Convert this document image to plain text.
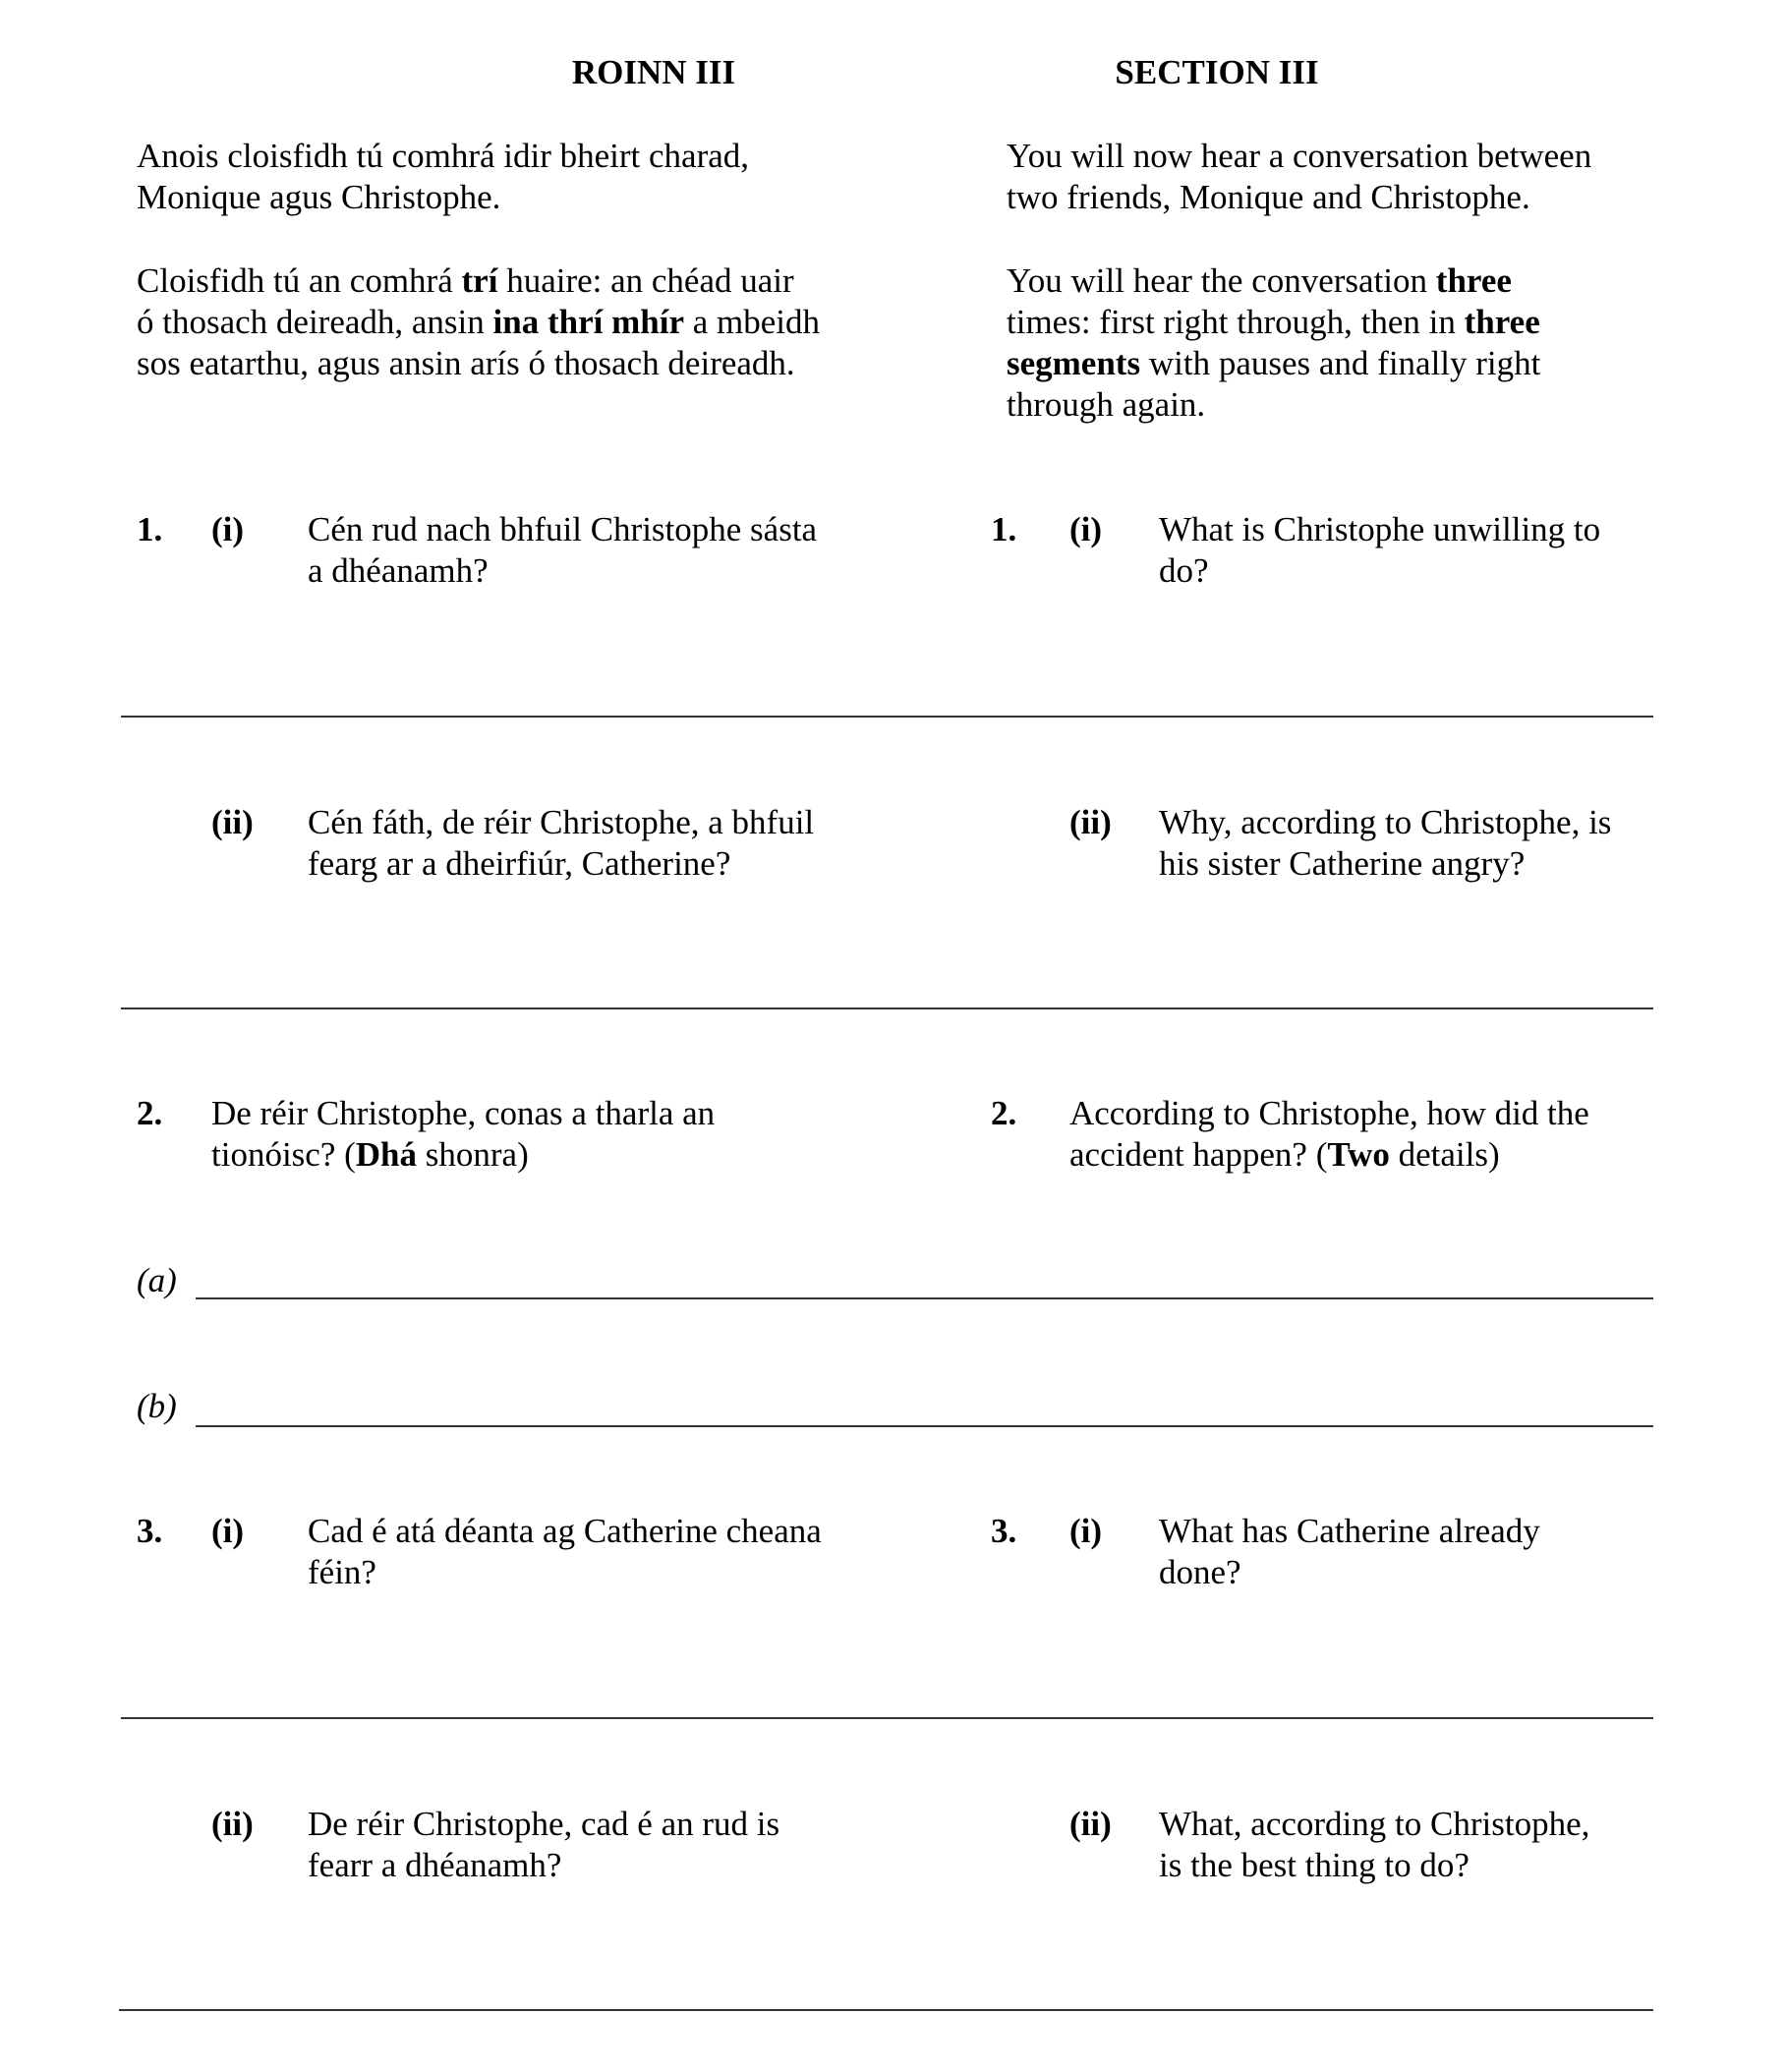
ROINN III	SECTION III
Anois cloisfidh tú comhrá idir bheirt charad,
Monique agus Christophe.
Cloisfidh tú an comhrá trí huaire: an chéad uair
ó thosach deireadh, ansin ina thrí mhír a mbeidh
sos eatarthu, agus ansin arís ó thosach deireadh.
You will now hear a conversation between
two friends, Monique and Christophe.
You will hear the conversation three
times: first right through, then in three
segments with pauses and finally right
through again.
1. (i) Cén rud nach bhfuil Christophe sásta
a dhéanamh?
1. (i) What is Christophe unwilling to
do?
(ii) Cén fáth, de réir Christophe, a bhfuil
fearg ar a dheirfiúr, Catherine?
(ii) Why, according to Christophe, is
his sister Catherine angry?
2. De réir Christophe, conas a tharla an
tionóisc? (Dhá shonra)
2. According to Christophe, how did the
accident happen? (Two details)
(a)
(b)
3. (i) Cad é atá déanta ag Catherine cheana
féin?
3. (i) What has Catherine already
done?
(ii) De réir Christophe, cad é an rud is
fearr a dhéanamh?
(ii) What, according to Christophe,
is the best thing to do?
